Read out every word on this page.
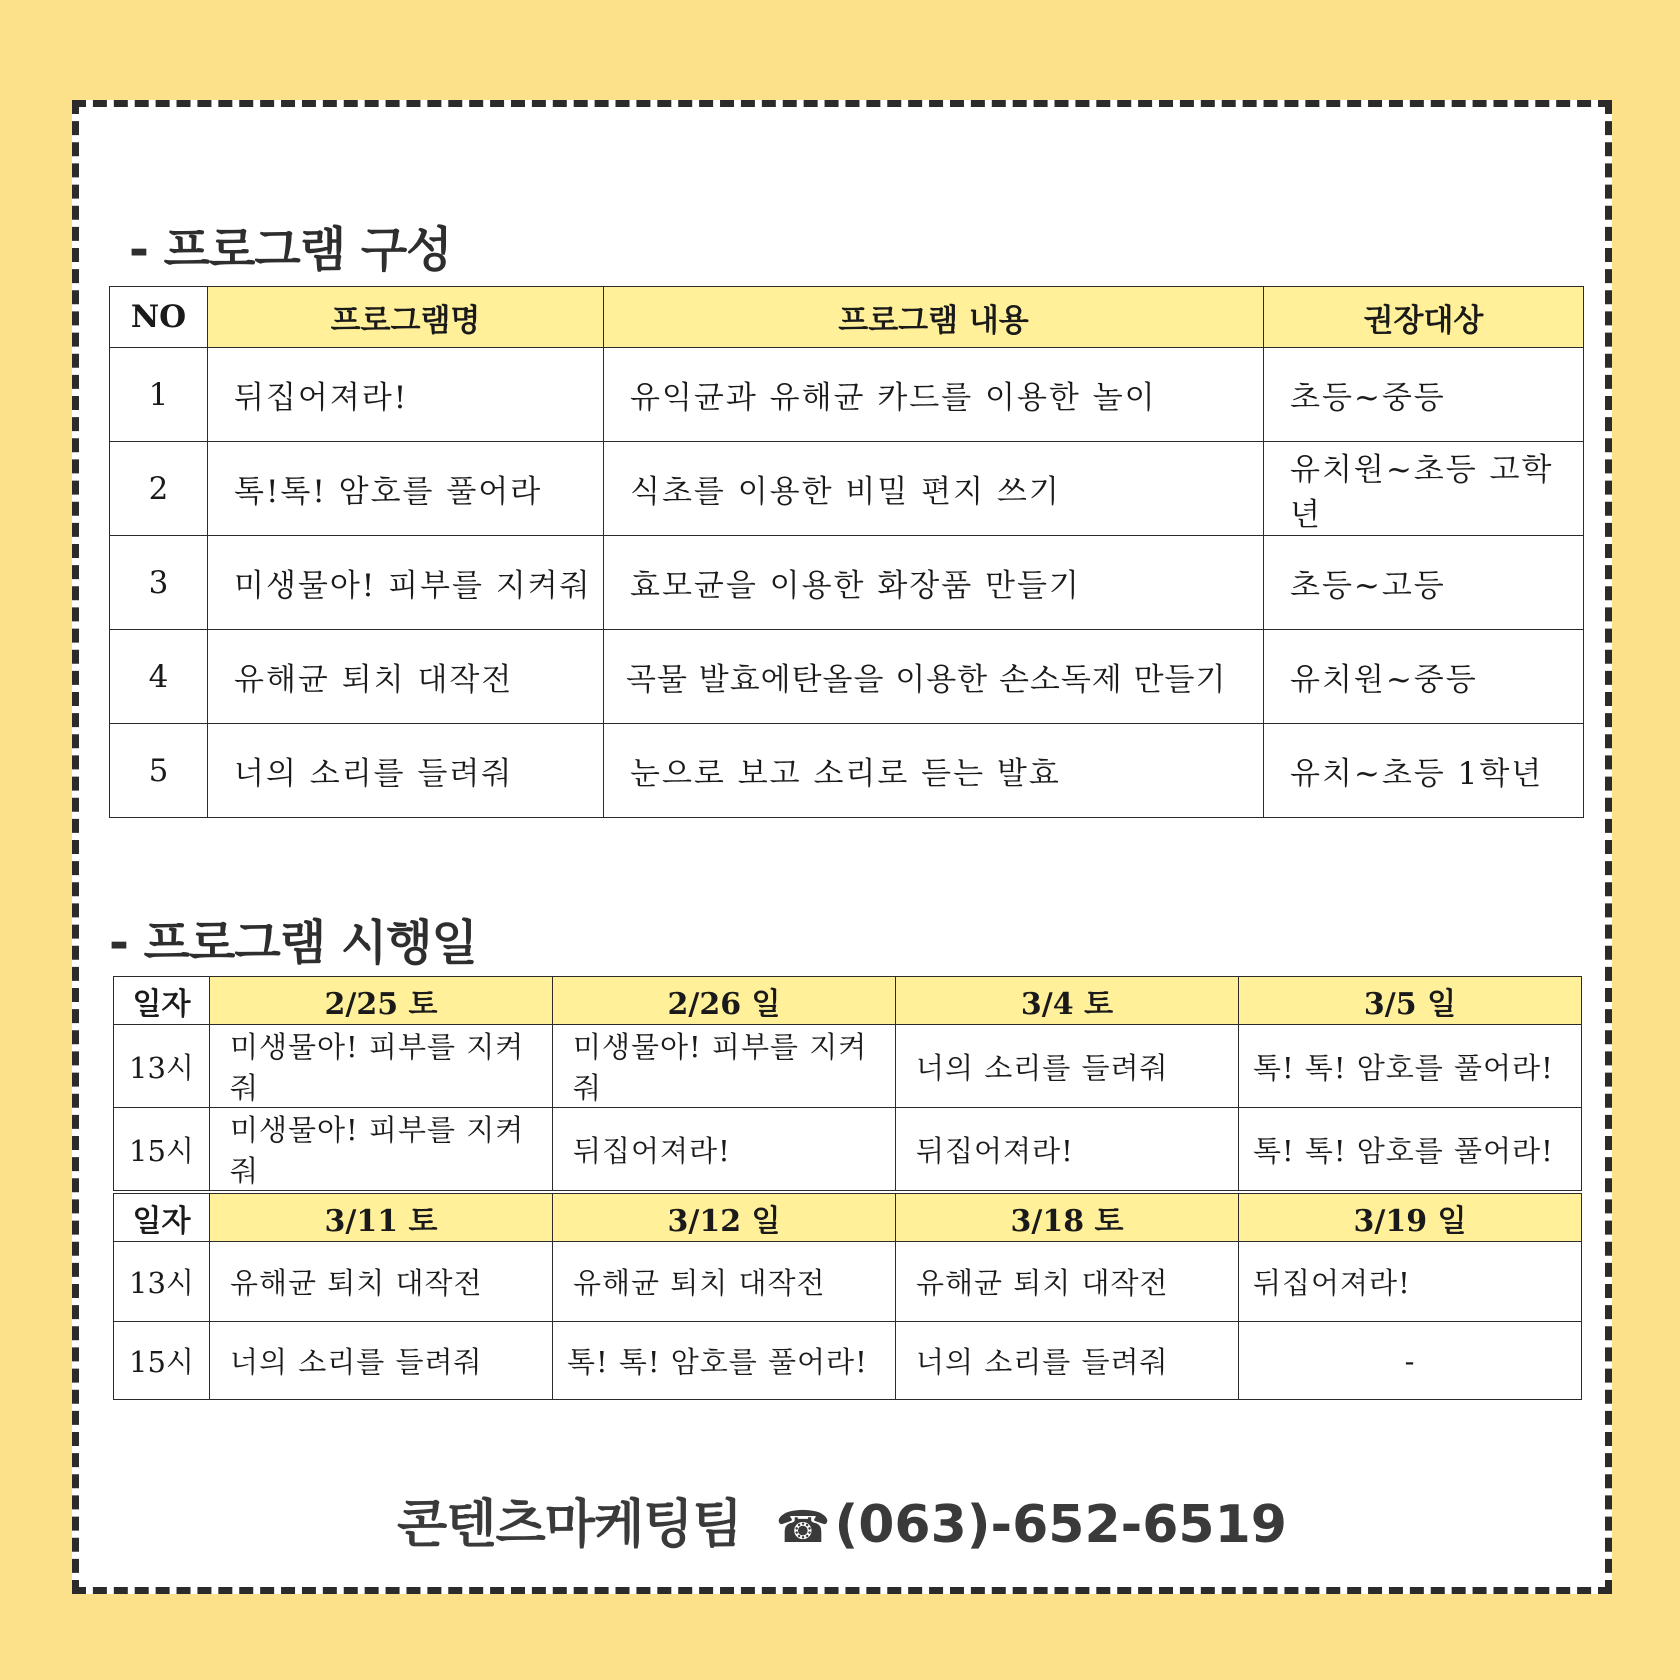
- 프로그램 구성
NO	프로그램명	프로그램 내용	권장대상
1	뒤집어져라!	유익균과 유해균 카드를 이용한 놀이	초등~중등
2	톡!톡! 암호를 풀어라	식초를 이용한 비밀 편지 쓰기	유치원~초등 고학년
3	미생물아! 피부를 지켜줘	효모균을 이용한 화장품 만들기	초등~고등
4	유해균 퇴치 대작전	곡물 발효에탄올을 이용한 손소독제 만들기	유치원~중등
5	너의 소리를 들려줘	눈으로 보고 소리로 듣는 발효	유치~초등 1학년
- 프로그램 시행일
일자	2/25 토	2/26 일	3/4 토	3/5 일
13시	미생물아! 피부를 지켜줘	미생물아! 피부를 지켜줘	너의 소리를 들려줘	톡! 톡! 암호를 풀어라!
15시	미생물아! 피부를 지켜줘	뒤집어져라!	뒤집어져라!	톡! 톡! 암호를 풀어라!
일자	3/11 토	3/12 일	3/18 토	3/19 일
13시	유해균 퇴치 대작전	유해균 퇴치 대작전	유해균 퇴치 대작전	뒤집어져라!
15시	너의 소리를 들려줘	톡! 톡! 암호를 풀어라!	너의 소리를 들려줘	-
콘텐츠마케팅팀 ☎(063)-652-6519
